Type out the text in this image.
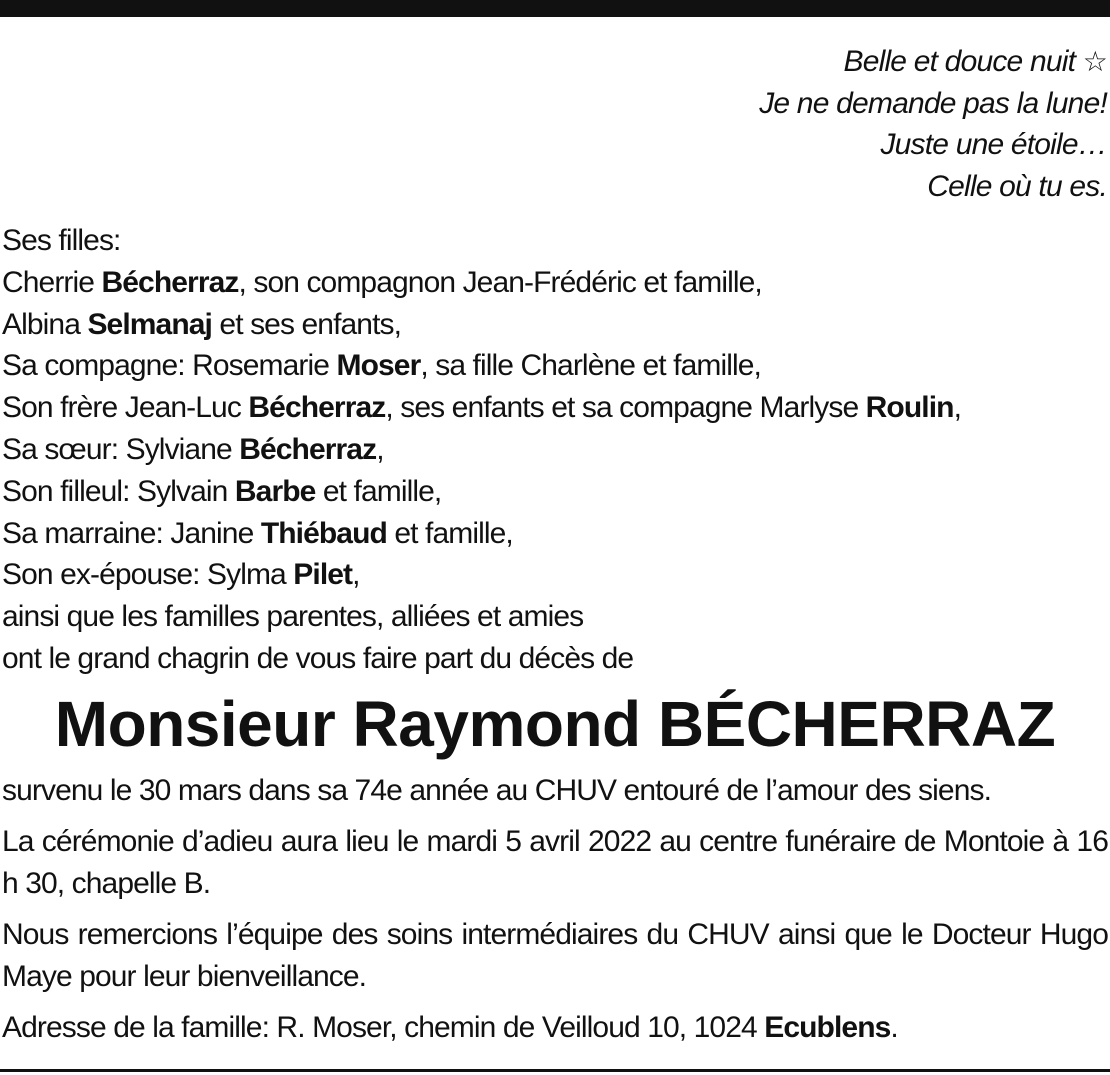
Belle et douce nuit ☆
Je ne demande pas la lune!
Juste une étoile…
Celle où tu es.
Ses filles:
Cherrie Bécherraz, son compagnon Jean-Frédéric et famille,
Albina Selmanaj et ses enfants,
Sa compagne: Rosemarie Moser, sa fille Charlène et famille,
Son frère Jean-Luc Bécherraz, ses enfants et sa compagne Marlyse Roulin,
Sa sœur: Sylviane Bécherraz,
Son filleul: Sylvain Barbe et famille,
Sa marraine: Janine Thiébaud et famille,
Son ex-épouse: Sylma Pilet,
ainsi que les familles parentes, alliées et amies
ont le grand chagrin de vous faire part du décès de
Monsieur Raymond BÉCHERRAZ

survenu le 30 mars dans sa 74e année au CHUV entouré de l’amour des siens.

La cérémonie d’adieu aura lieu le mardi 5 avril 2022 au centre funéraire de Montoie à 16 h 30, chapelle B.

Nous remercions l’équipe des soins intermédiaires du CHUV ainsi que le Docteur Hugo Maye pour leur bienveillance.

Adresse de la famille: R. Moser, chemin de Veilloud 10, 1024 Ecublens.
